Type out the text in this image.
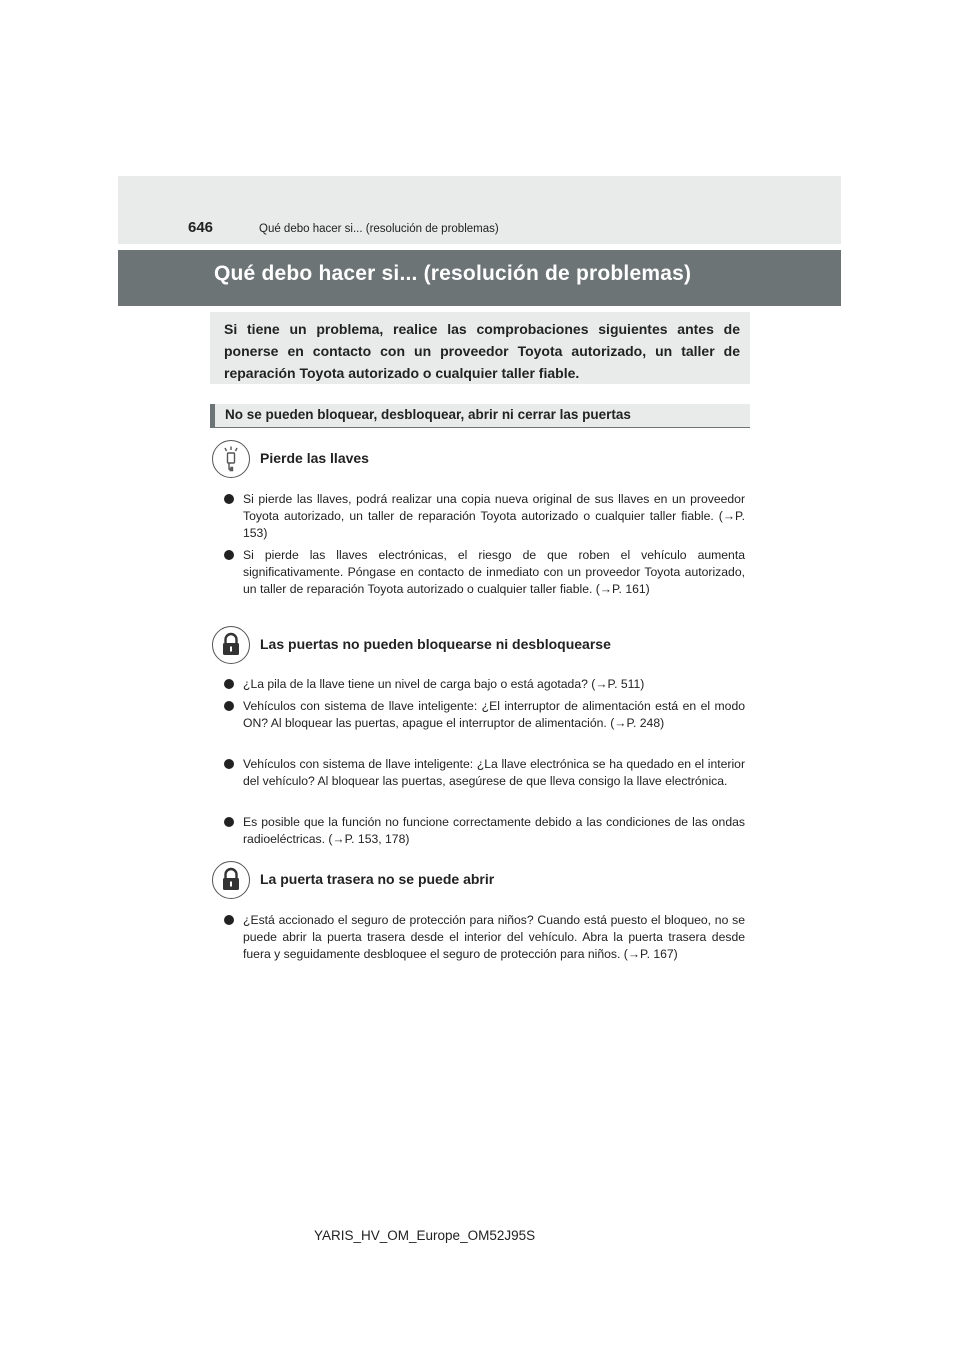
646	Qué debo hacer si... (resolución de problemas)
Qué debo hacer si... (resolución de problemas)
Si tiene un problema, realice las comprobaciones siguientes antes de ponerse en contacto con un proveedor Toyota autorizado, un taller de reparación Toyota autorizado o cualquier taller fiable.
No se pueden bloquear, desbloquear, abrir ni cerrar las puertas
Pierde las llaves
Si pierde las llaves, podrá realizar una copia nueva original de sus llaves en un proveedor Toyota autorizado, un taller de reparación Toyota autorizado o cualquier taller fiable. (→P. 153)
Si pierde las llaves electrónicas, el riesgo de que roben el vehículo aumenta significativamente. Póngase en contacto de inmediato con un proveedor Toyota autorizado, un taller de reparación Toyota autorizado o cualquier taller fiable. (→P. 161)
Las puertas no pueden bloquearse ni desbloquearse
¿La pila de la llave tiene un nivel de carga bajo o está agotada? (→P. 511)
Vehículos con sistema de llave inteligente: ¿El interruptor de alimentación está en el modo ON? Al bloquear las puertas, apague el interruptor de alimentación. (→P. 248)
Vehículos con sistema de llave inteligente: ¿La llave electrónica se ha quedado en el interior del vehículo? Al bloquear las puertas, asegúrese de que lleva consigo la llave electrónica.
Es posible que la función no funcione correctamente debido a las condiciones de las ondas radioeléctricas. (→P. 153, 178)
La puerta trasera no se puede abrir
¿Está accionado el seguro de protección para niños? Cuando está puesto el bloqueo, no se puede abrir la puerta trasera desde el interior del vehículo. Abra la puerta trasera desde fuera y seguidamente desbloquee el seguro de protección para niños. (→P. 167)
YARIS_HV_OM_Europe_OM52J95S
